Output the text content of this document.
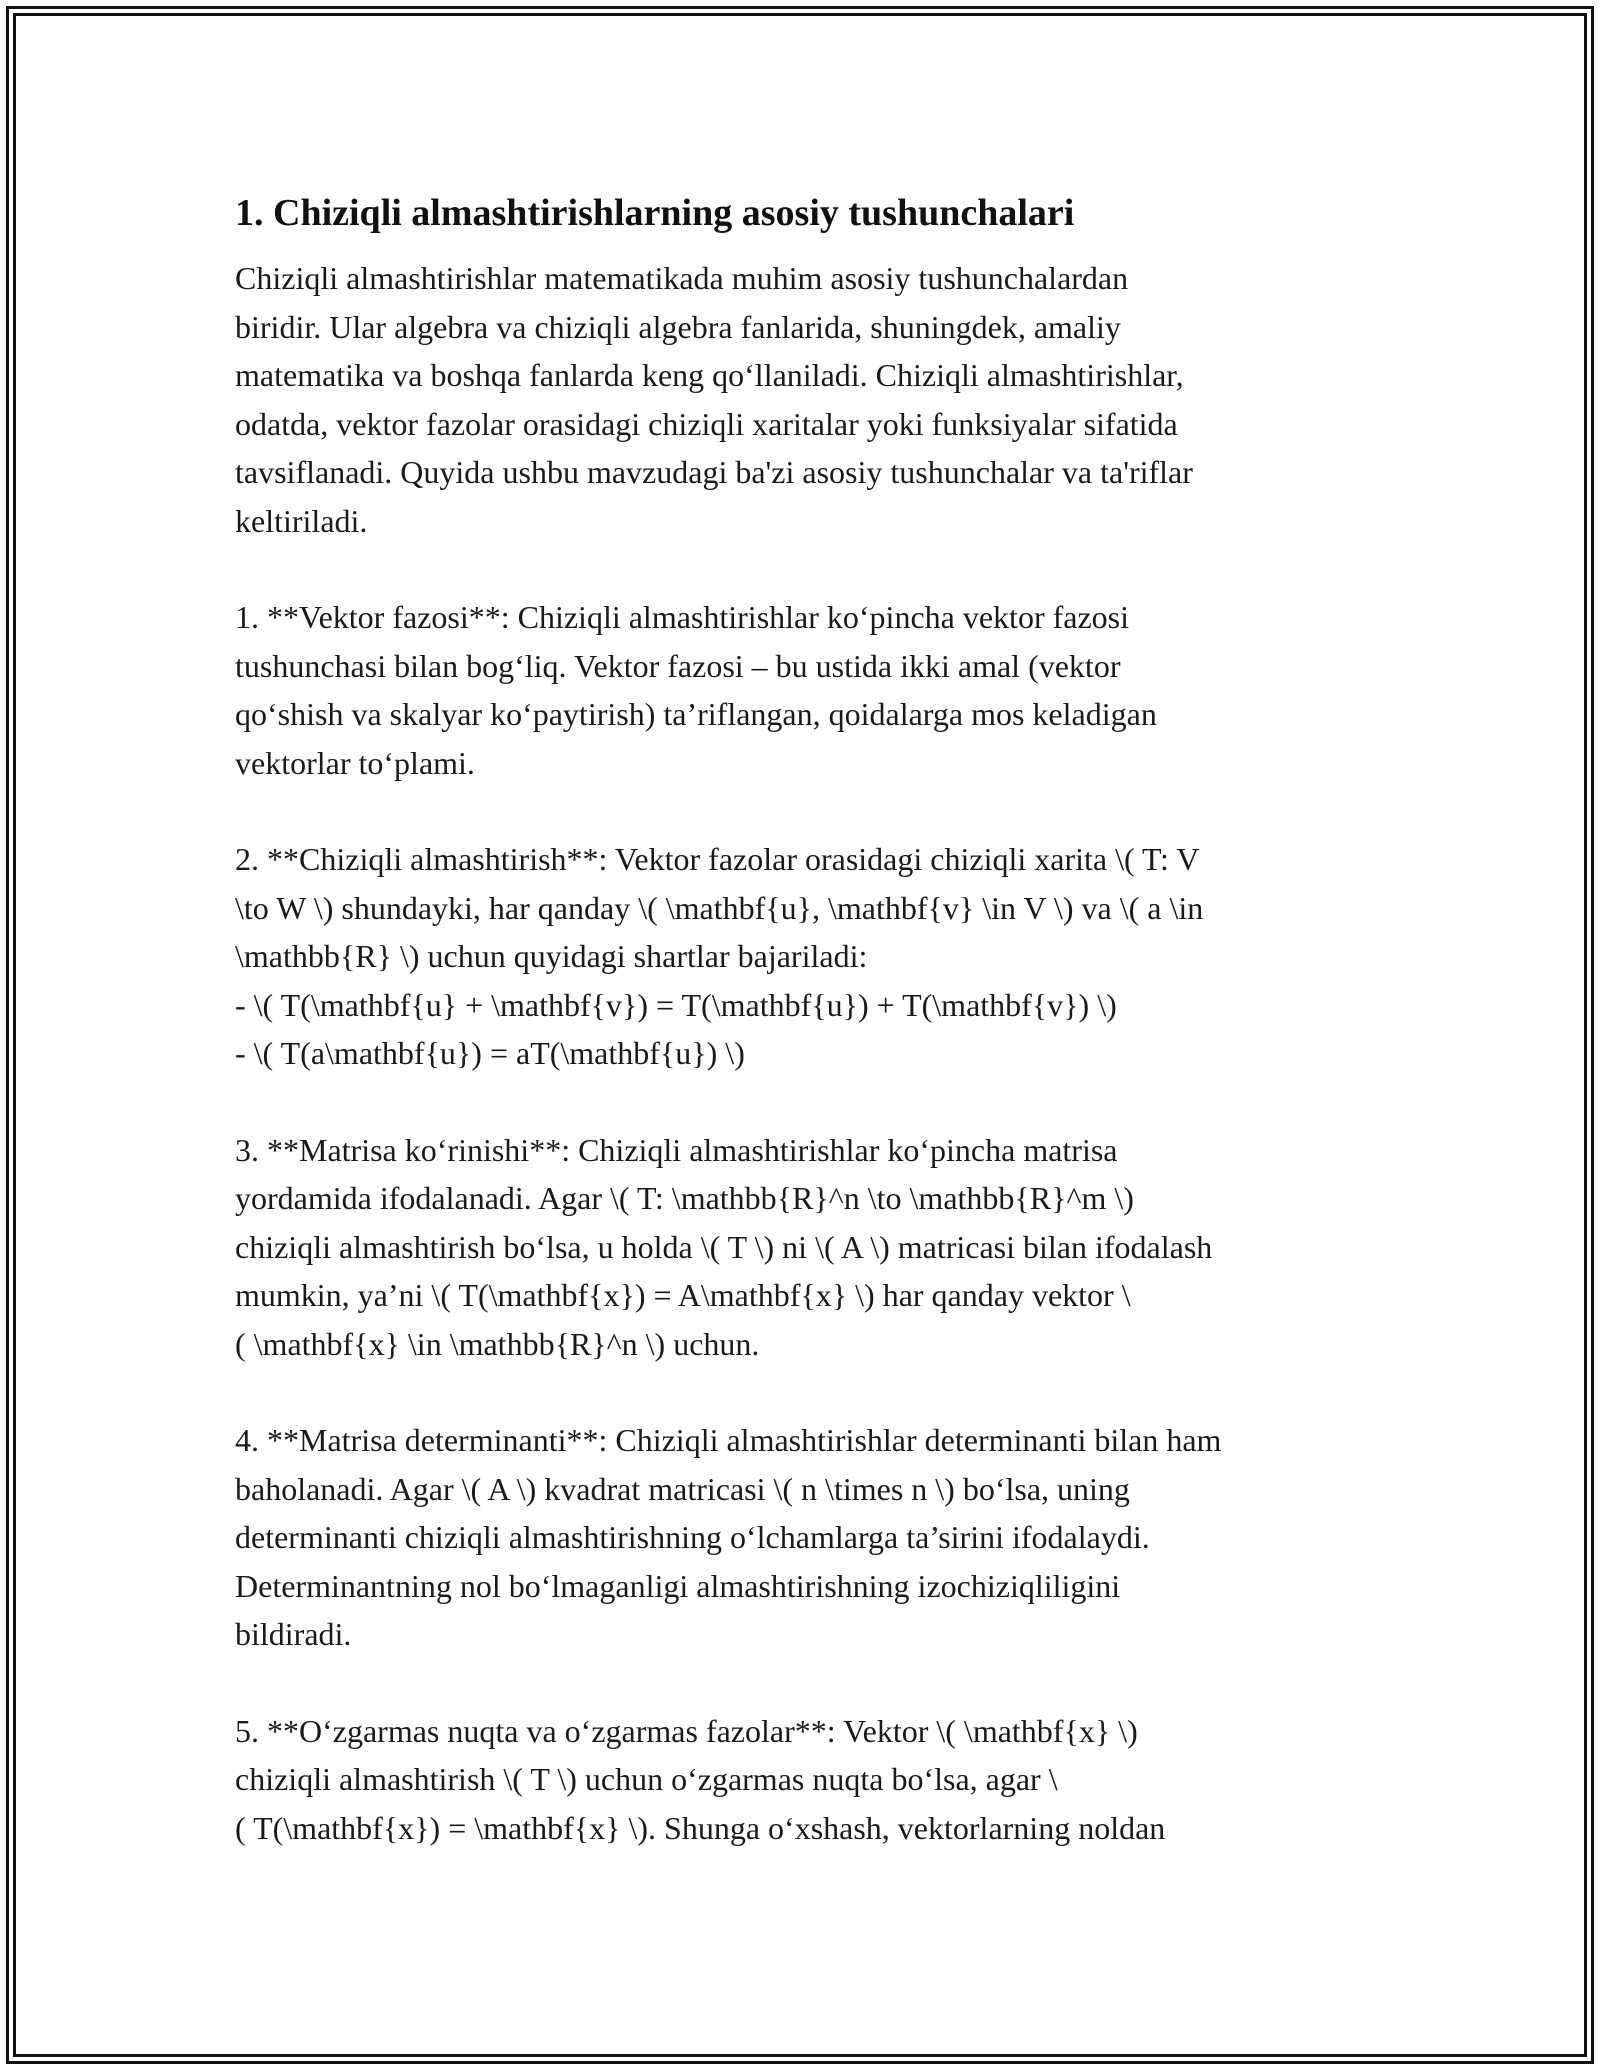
1. Chiziqli almashtirishlarning asosiy tushunchalari

Chiziqli almashtirishlar matematikada muhim asosiy tushunchalardan
biridir. Ular algebra va chiziqli algebra fanlarida, shuningdek, amaliy
matematika va boshqa fanlarda keng qo‘llaniladi. Chiziqli almashtirishlar,
odatda, vektor fazolar orasidagi chiziqli xaritalar yoki funksiyalar sifatida
tavsiflanadi. Quyida ushbu mavzudagi ba'zi asosiy tushunchalar va ta'riflar
keltiriladi.

1. **Vektor fazosi**: Chiziqli almashtirishlar ko‘pincha vektor fazosi
tushunchasi bilan bog‘liq. Vektor fazosi – bu ustida ikki amal (vektor
qo‘shish va skalyar ko‘paytirish) ta’riflangan, qoidalarga mos keladigan
vektorlar to‘plami.

2. **Chiziqli almashtirish**: Vektor fazolar orasidagi chiziqli xarita \( T: V
\to W \) shundayki, har qanday \( \mathbf{u}, \mathbf{v} \in V \) va \( a \in
\mathbb{R} \) uchun quyidagi shartlar bajariladi:
- \( T(\mathbf{u} + \mathbf{v}) = T(\mathbf{u}) + T(\mathbf{v}) \)
- \( T(a\mathbf{u}) = aT(\mathbf{u}) \)

3. **Matrisa ko‘rinishi**: Chiziqli almashtirishlar ko‘pincha matrisa
yordamida ifodalanadi. Agar \( T: \mathbb{R}^n \to \mathbb{R}^m \)
chiziqli almashtirish bo‘lsa, u holda \( T \) ni \( A \) matricasi bilan ifodalash
mumkin, ya’ni \( T(\mathbf{x}) = A\mathbf{x} \) har qanday vektor \
( \mathbf{x} \in \mathbb{R}^n \) uchun.

4. **Matrisa determinanti**: Chiziqli almashtirishlar determinanti bilan ham
baholanadi. Agar \( A \) kvadrat matricasi \( n \times n \) bo‘lsa, uning
determinanti chiziqli almashtirishning o‘lchamlarga ta’sirini ifodalaydi.
Determinantning nol bo‘lmaganligi almashtirishning izochiziqliligini
bildiradi.

5. **O‘zgarmas nuqta va o‘zgarmas fazolar**: Vektor \( \mathbf{x} \)
chiziqli almashtirish \( T \) uchun o‘zgarmas nuqta bo‘lsa, agar \
( T(\mathbf{x}) = \mathbf{x} \). Shunga o‘xshash, vektorlarning noldan
